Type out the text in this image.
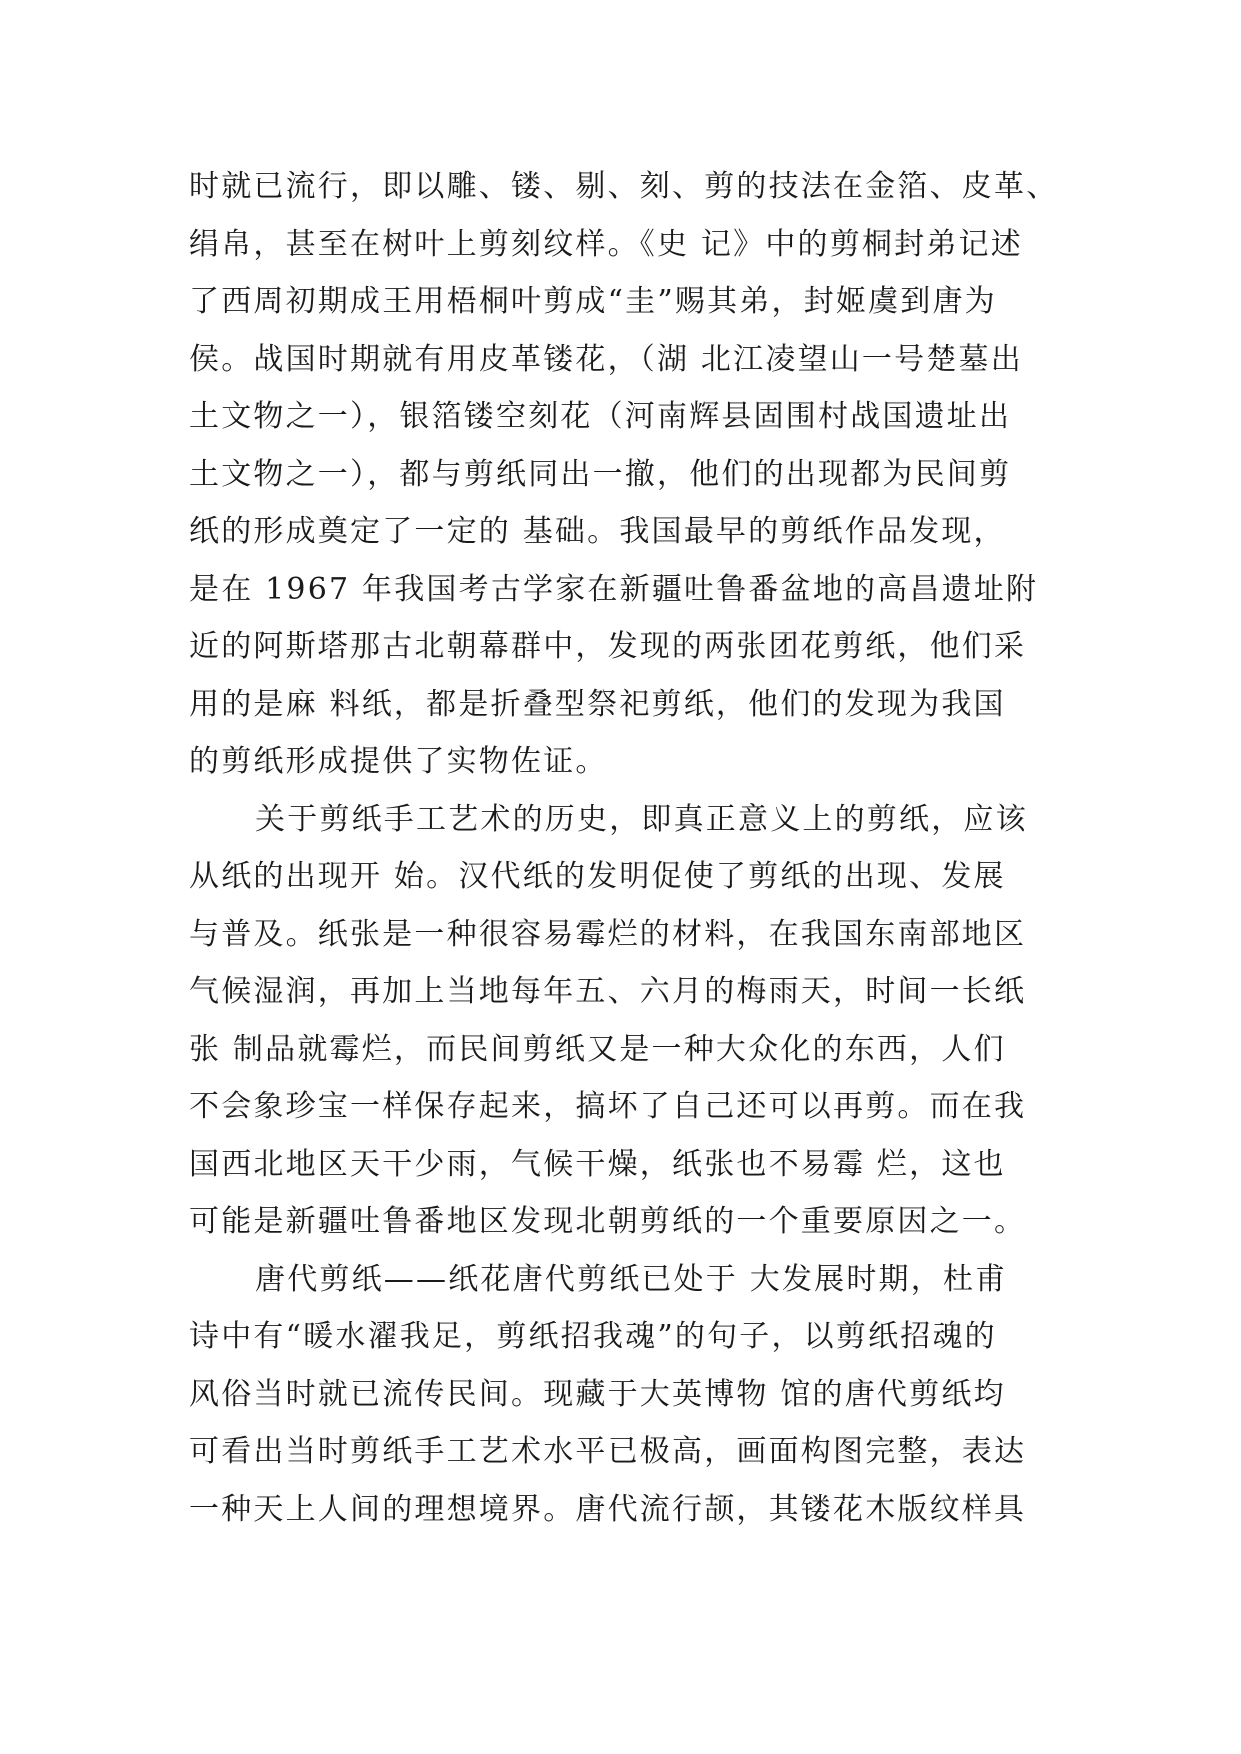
时就已流行，即以雕、镂、剔、刻、剪的技法在金箔、皮革、
绢帛，甚至在树叶上剪刻纹样。《史 记》中的剪桐封弟记述
了西周初期成王用梧桐叶剪成“圭”赐其弟，封姬虞到唐为
侯。战国时期就有用皮革镂花，（湖 北江凌望山一号楚墓出
土文物之一），银箔镂空刻花（河南辉县固围村战国遗址出
土文物之一），都与剪纸同出一撤，他们的出现都为民间剪
纸的形成奠定了一定的 基础。我国最早的剪纸作品发现，
是在 1967 年我国考古学家在新疆吐鲁番盆地的高昌遗址附
近的阿斯塔那古北朝幕群中，发现的两张团花剪纸，他们采
用的是麻 料纸，都是折叠型祭祀剪纸，他们的发现为我国
的剪纸形成提供了实物佐证。
关于剪纸手工艺术的历史，即真正意义上的剪纸，应该
从纸的出现开 始。汉代纸的发明促使了剪纸的出现、发展
与普及。纸张是一种很容易霉烂的材料，在我国东南部地区
气候湿润，再加上当地每年五、六月的梅雨天，时间一长纸
张 制品就霉烂，而民间剪纸又是一种大众化的东西，人们
不会象珍宝一样保存起来，搞坏了自己还可以再剪。而在我
国西北地区天干少雨，气候干燥，纸张也不易霉 烂，这也
可能是新疆吐鲁番地区发现北朝剪纸的一个重要原因之一。
唐代剪纸——纸花唐代剪纸已处于 大发展时期，杜甫
诗中有“暖水濯我足，剪纸招我魂”的句子，以剪纸招魂的
风俗当时就已流传民间。现藏于大英博物 馆的唐代剪纸均
可看出当时剪纸手工艺术水平已极高，画面构图完整，表达
一种天上人间的理想境界。唐代流行颉，其镂花木版纹样具
